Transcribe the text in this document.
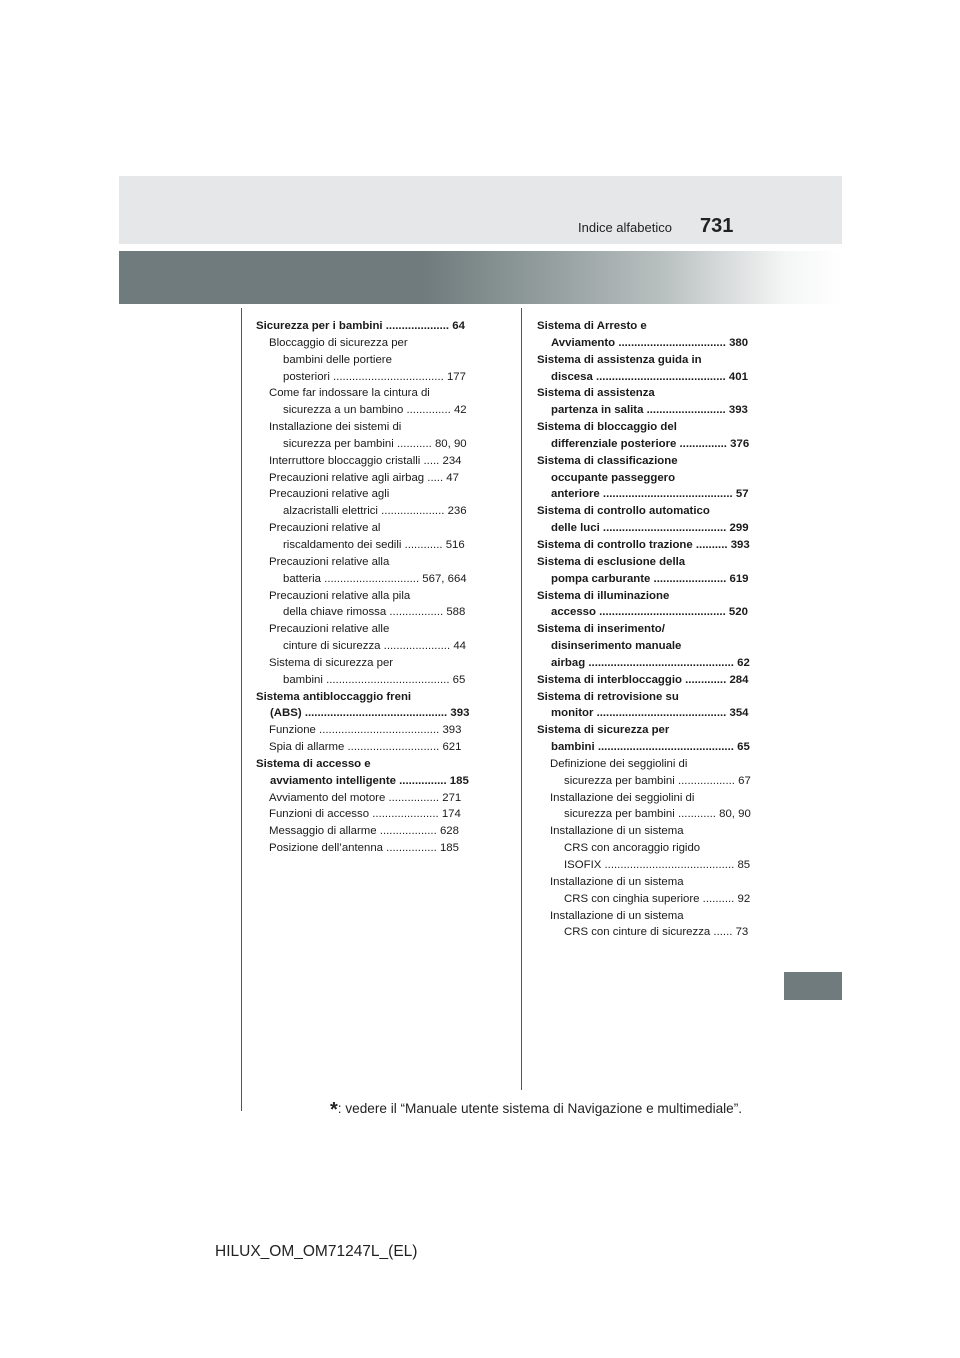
Indice alfabetico	731
Sicurezza per i bambini .................... 64
Bloccaggio di sicurezza per
bambini delle portiere
posteriori ................................... 177
Come far indossare la cintura di
sicurezza a un bambino .............. 42
Installazione dei sistemi di
sicurezza per bambini ........... 80, 90
Interruttore bloccaggio cristalli ..... 234
Precauzioni relative agli airbag ..... 47
Precauzioni relative agli
alzacristalli elettrici .................... 236
Precauzioni relative al
riscaldamento dei sedili ............ 516
Precauzioni relative alla
batteria .............................. 567, 664
Precauzioni relative alla pila
della chiave rimossa ................. 588
Precauzioni relative alle
cinture di sicurezza ..................... 44
Sistema di sicurezza per
bambini ....................................... 65
Sistema antibloccaggio freni
(ABS) ............................................. 393
Funzione ...................................... 393
Spia di allarme ............................. 621
Sistema di accesso e
avviamento intelligente ............... 185
Avviamento del motore ................ 271
Funzioni di accesso ..................... 174
Messaggio di allarme .................. 628
Posizione dell’antenna ................ 185
Sistema di Arresto e
Avviamento .................................. 380
Sistema di assistenza guida in
discesa ......................................... 401
Sistema di assistenza
partenza in salita ......................... 393
Sistema di bloccaggio del
differenziale posteriore ............... 376
Sistema di classificazione
occupante passeggero
anteriore ......................................... 57
Sistema di controllo automatico
delle luci ....................................... 299
Sistema di controllo trazione .......... 393
Sistema di esclusione della
pompa carburante ....................... 619
Sistema di illuminazione
accesso ........................................ 520
Sistema di inserimento/
disinserimento manuale
airbag .............................................. 62
Sistema di interbloccaggio ............. 284
Sistema di retrovisione su
monitor ......................................... 354
Sistema di sicurezza per
bambini ........................................... 65
Definizione dei seggiolini di
sicurezza per bambini .................. 67
Installazione dei seggiolini di
sicurezza per bambini ............ 80, 90
Installazione di un sistema
CRS con ancoraggio rigido
ISOFIX ......................................... 85
Installazione di un sistema
CRS con cinghia superiore .......... 92
Installazione di un sistema
CRS con cinture di sicurezza ...... 73
*: vedere il “Manuale utente sistema di Navigazione e multimediale”.
HILUX_OM_OM71247L_(EL)
